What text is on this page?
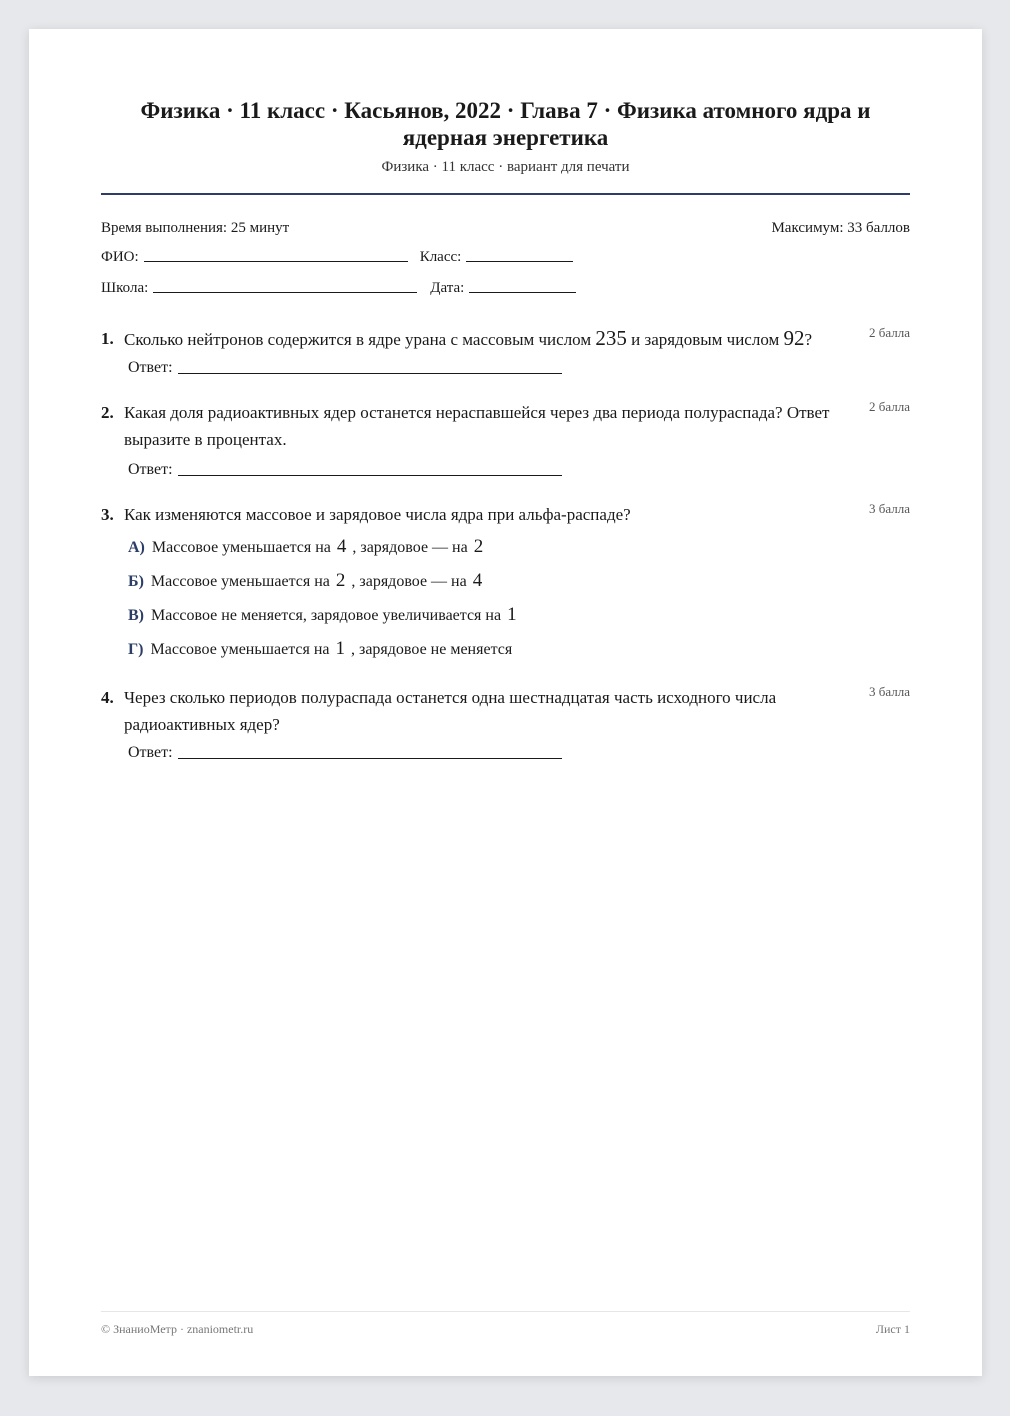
Физика · 11 класс · Касьянов, 2022 · Глава 7 · Физика атомного ядра и ядерная энергетика
Физика · 11 класс · вариант для печати
Время выполнения: 25 минут	Максимум: 33 баллов
ФИО:	Класс:
Школа:	Дата:
1. Сколько нейтронов содержится в ядре урана с массовым числом 235 и зарядовым числом 92?	2 балла
Ответ:
2. Какая доля радиоактивных ядер останется нераспавшейся через два периода полураспада? Ответ выразите в процентах.
2 балла
Ответ:
3. Как изменяются массовое и зарядовое числа ядра при альфа-распаде?	3 балла
А) Массовое уменьшается на 4 , зарядовое — на 2
Б) Массовое уменьшается на 2 , зарядовое — на 4
В) Массовое не меняется, зарядовое увеличивается на 1
Г) Массовое уменьшается на 1 , зарядовое не меняется
4. Через сколько периодов полураспада останется одна шестнадцатая часть исходного числа радиоактивных ядер?
3 балла
Ответ:
© ЗнаниоМетр · znaniometr.ru	Лист 1
